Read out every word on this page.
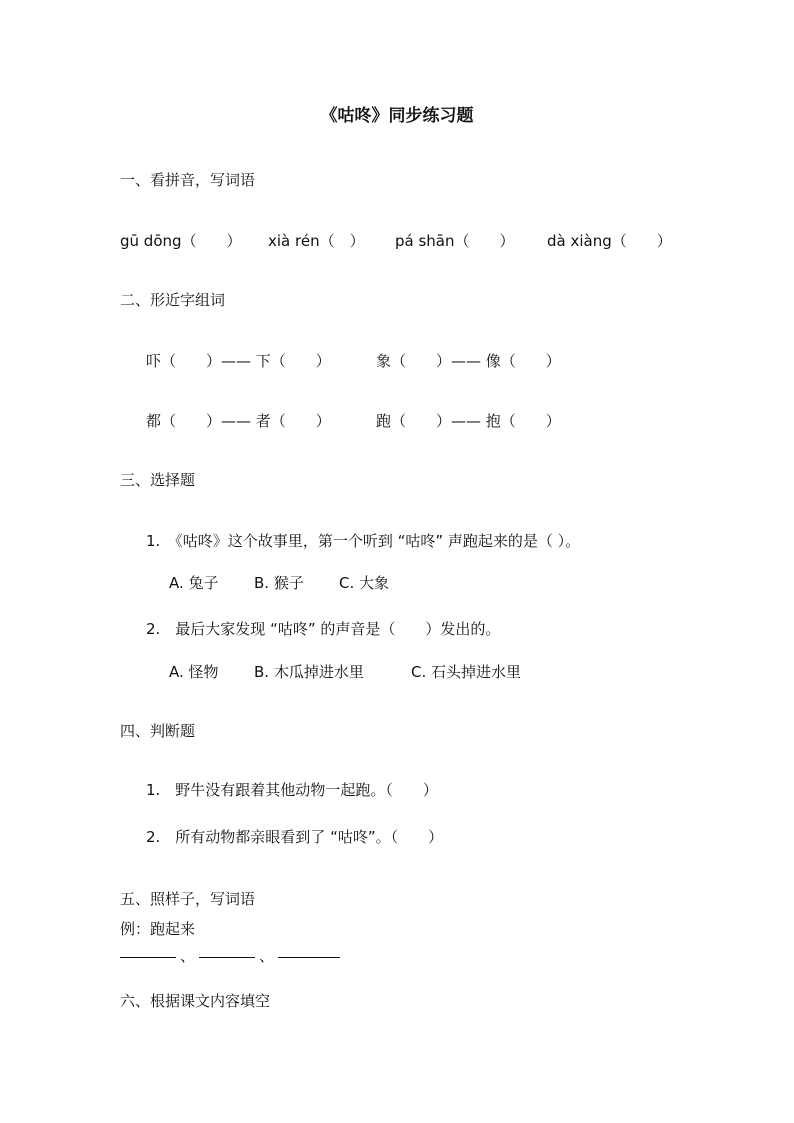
《咕咚》同步练习题
一、看拼音，写词语
gū dōng（　　） xià rén（　） pá shān（　　） dà xiàng（　　）
二、形近字组词
吓（　　）—— 下（　　）	象（　　）—— 像（　　）
都（　　）—— 者（　　）	跑（　　）—— 抱（　　）
三、选择题
1.　《咕咚》这个故事里，第一个听到 “咕咚” 声跑起来的是（ ）。
A. 兔子 B. 猴子 C. 大象
2.　最后大家发现 “咕咚” 的声音是（　　）发出的。
A. 怪物 B. 木瓜掉进水里	C. 石头掉进水里
四、判断题
1.　野牛没有跟着其他动物一起跑。（　　）
2.　所有动物都亲眼看到了 “咕咚”。（　　）
五、照样子，写词语
例：跑起来
、	、
六、根据课文内容填空
